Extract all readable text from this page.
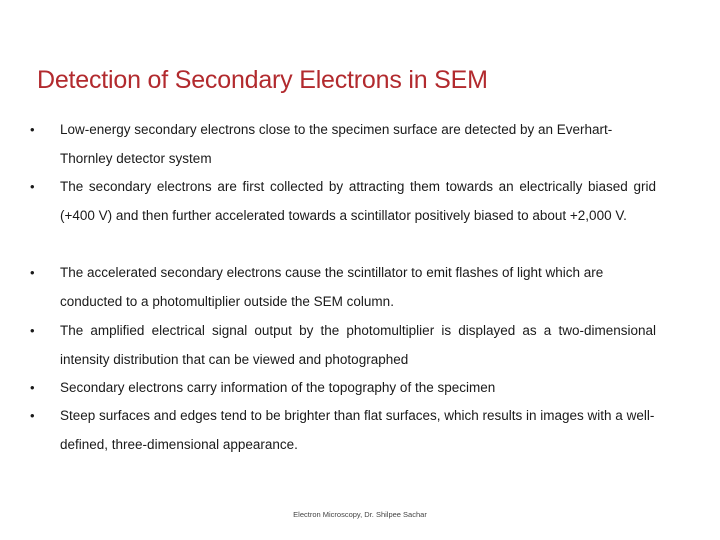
Detection of Secondary Electrons in SEM
• Low-energy secondary electrons close to the specimen surface are detected by an Everhart-Thornley detector system
• The secondary electrons are first collected by attracting them towards an electrically biased grid (+400 V) and then further accelerated towards a scintillator positively biased to about +2,000 V.
• The accelerated secondary electrons cause the scintillator to emit flashes of light which are conducted to a photomultiplier outside the SEM column.
• The amplified electrical signal output by the photomultiplier is displayed as a two-dimensional intensity distribution that can be viewed and photographed
• Secondary electrons carry information of the topography of the specimen
• Steep surfaces and edges tend to be brighter than flat surfaces, which results in images with a well-defined, three-dimensional appearance.
Electron Microscopy, Dr. Shilpee Sachar
